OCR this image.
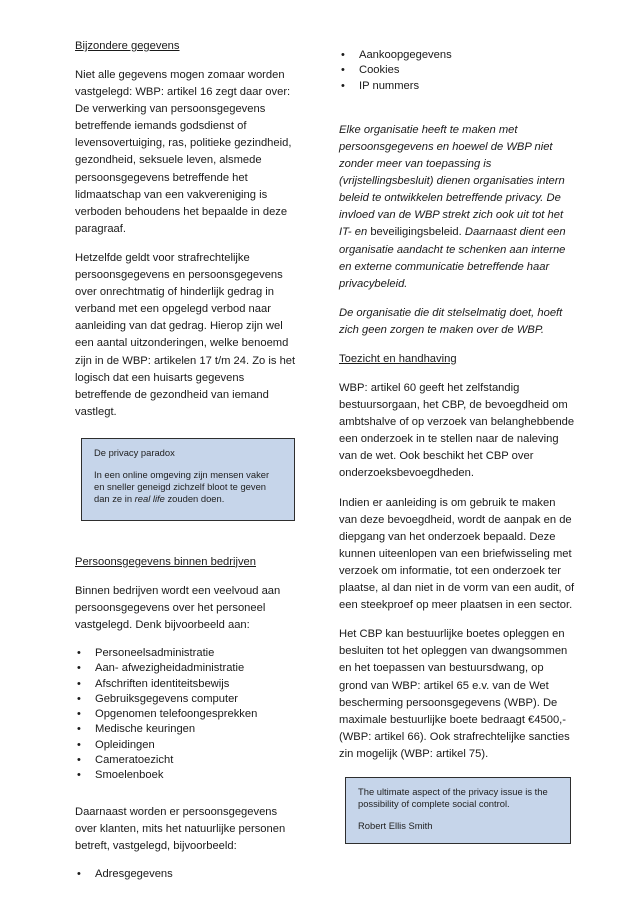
Bijzondere gegevens

Niet alle gegevens mogen zomaar worden vastgelegd: WBP: artikel 16 zegt daar over: De verwerking van persoonsgegevens betreffende iemands godsdienst of levensovertuiging, ras, politieke gezindheid, gezondheid, seksuele leven, alsmede persoonsgegevens betreffende het lidmaatschap van een vakvereniging is verboden behoudens het bepaalde in deze paragraaf.

Hetzelfde geldt voor strafrechtelijke persoonsgegevens en persoonsgegevens over onrechtmatig of hinderlijk gedrag in verband met een opgelegd verbod naar aanleiding van dat gedrag. Hierop zijn wel een aantal uitzonderingen, welke benoemd zijn in de WBP: artikelen 17 t/m 24. Zo is het logisch dat een huisarts gegevens betreffende de gezondheid van iemand vastlegt.

De privacy paradox
In een online omgeving zijn mensen vaker en sneller geneigd zichzelf bloot te geven dan ze in real life zouden doen.
Persoonsgegevens binnen bedrijven

Binnen bedrijven wordt een veelvoud aan persoonsgegevens over het personeel vastgelegd. Denk bijvoorbeeld aan:

• Personeelsadministratie
• Aan- afwezigheidadministratie
• Afschriften identiteitsbewijs
• Gebruiksgegevens computer
• Opgenomen telefoongesprekken
• Medische keuringen
• Opleidingen
• Cameratoezicht
• Smoelenboek

Daarnaast worden er persoonsgegevens over klanten, mits het natuurlijke personen betreft, vastgelegd, bijvoorbeeld:

• Adresgegevens
• Aankoopgegevens
• Cookies
• IP nummers

Elke organisatie heeft te maken met persoonsgegevens en hoewel de WBP niet zonder meer van toepassing is (vrijstellingsbesluit) dienen organisaties intern beleid te ontwikkelen betreffende privacy. De invloed van de WBP strekt zich ook uit tot het IT- en beveiligingsbeleid. Daarnaast dient een organisatie aandacht te schenken aan interne en externe communicatie betreffende haar privacybeleid.

De organisatie die dit stelselmatig doet, hoeft zich geen zorgen te maken over de WBP.

Toezicht en handhaving

WBP: artikel 60 geeft het zelfstandig bestuursorgaan, het CBP, de bevoegdheid om ambtshalve of op verzoek van belanghebbende een onderzoek in te stellen naar de naleving van de wet. Ook beschikt het CBP over onderzoeksbevoegdheden.

Indien er aanleiding is om gebruik te maken van deze bevoegdheid, wordt de aanpak en de diepgang van het onderzoek bepaald. Deze kunnen uiteenlopen van een briefwisseling met verzoek om informatie, tot een onderzoek ter plaatse, al dan niet in de vorm van een audit, of een steekproef op meer plaatsen in een sector.

Het CBP kan bestuurlijke boetes opleggen en besluiten tot het opleggen van dwangsommen en het toepassen van bestuursdwang, op grond van WBP: artikel 65 e.v. van de Wet bescherming persoonsgegevens (WBP). De maximale bestuurlijke boete bedraagt €4500,- (WBP: artikel 66). Ook strafrechtelijke sancties zin mogelijk (WBP: artikel 75).

The ultimate aspect of the privacy issue is the possibility of complete social control.
Robert Ellis Smith
